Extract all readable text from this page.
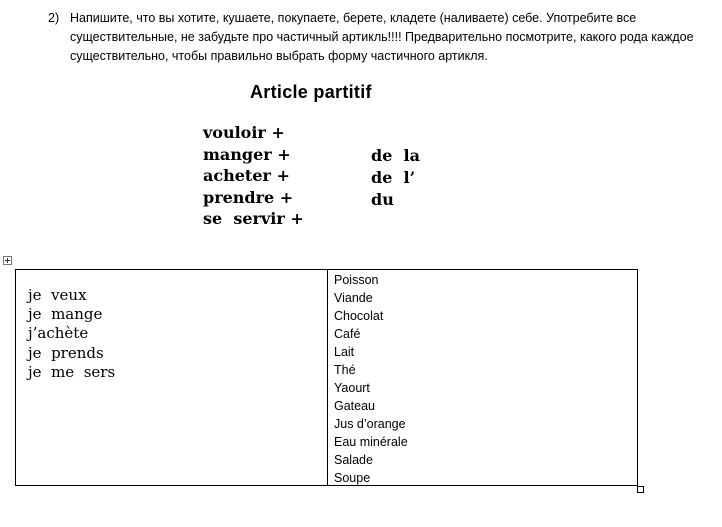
2) Напишите, что вы хотите, кушаете, покупаете, берете, кладете (наливаете) себе. Употребите все существительные, не забудьте про частичный артикль!!!! Предварительно посмотрите, какого рода каждое существительно, чтобы правильно выбрать форму частичного артикля.
Article partitif
vouloir +
manger +
acheter +
prendre +
se  servir +
de  la
de  l’
du
je  veux
je  mange
j’achète
je  prends
je  me  sers
Poisson
Viande
Chocolat
Café
Lait
Thé
Yaourt
Gateau
Jus d’orange
Eau minérale
Salade
Soupe
